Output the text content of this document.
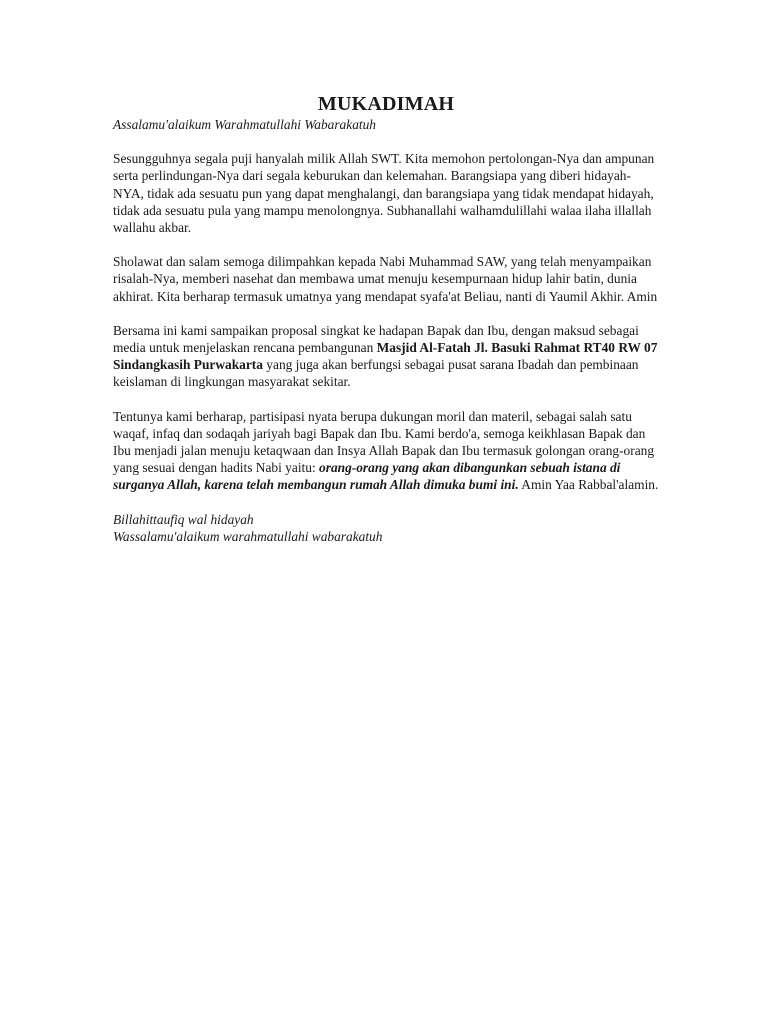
MUKADIMAH
Assalamu'alaikum Warahmatullahi Wabarakatuh

Sesungguhnya segala puji hanyalah milik Allah SWT. Kita memohon pertolongan-Nya dan ampunan serta perlindungan-Nya dari segala keburukan dan kelemahan. Barangsiapa yang diberi hidayah-NYA, tidak ada sesuatu pun yang dapat menghalangi, dan barangsiapa yang tidak mendapat hidayah, tidak ada sesuatu pula yang mampu menolongnya. Subhanallahi walhamdulillahi walaa ilaha illallah wallahu akbar.

Sholawat dan salam semoga dilimpahkan kepada Nabi Muhammad SAW, yang telah menyampaikan risalah-Nya, memberi nasehat dan membawa umat menuju kesempurnaan hidup lahir batin, dunia akhirat. Kita berharap termasuk umatnya yang mendapat syafa'at Beliau, nanti di Yaumil Akhir. Amin

Bersama ini kami sampaikan proposal singkat ke hadapan Bapak dan Ibu, dengan maksud sebagai media untuk menjelaskan rencana pembangunan Masjid Al-Fatah Jl. Basuki Rahmat RT40 RW 07 Sindangkasih Purwakarta yang juga akan berfungsi sebagai pusat sarana Ibadah dan pembinaan keislaman di lingkungan masyarakat sekitar.

Tentunya kami berharap, partisipasi nyata berupa dukungan moril dan materil, sebagai salah satu waqaf, infaq dan sodaqah jariyah bagi Bapak dan Ibu. Kami berdo'a, semoga keikhlasan Bapak dan Ibu menjadi jalan menuju ketaqwaan dan Insya Allah Bapak dan Ibu termasuk golongan orang-orang yang sesuai dengan hadits Nabi yaitu: orang-orang yang akan dibangunkan sebuah istana di surganya Allah, karena telah membangun rumah Allah dimuka bumi ini. Amin Yaa Rabbal'alamin.

Billahittaufiq wal hidayah

Wassalamu'alaikum warahmatullahi wabarakatuh
